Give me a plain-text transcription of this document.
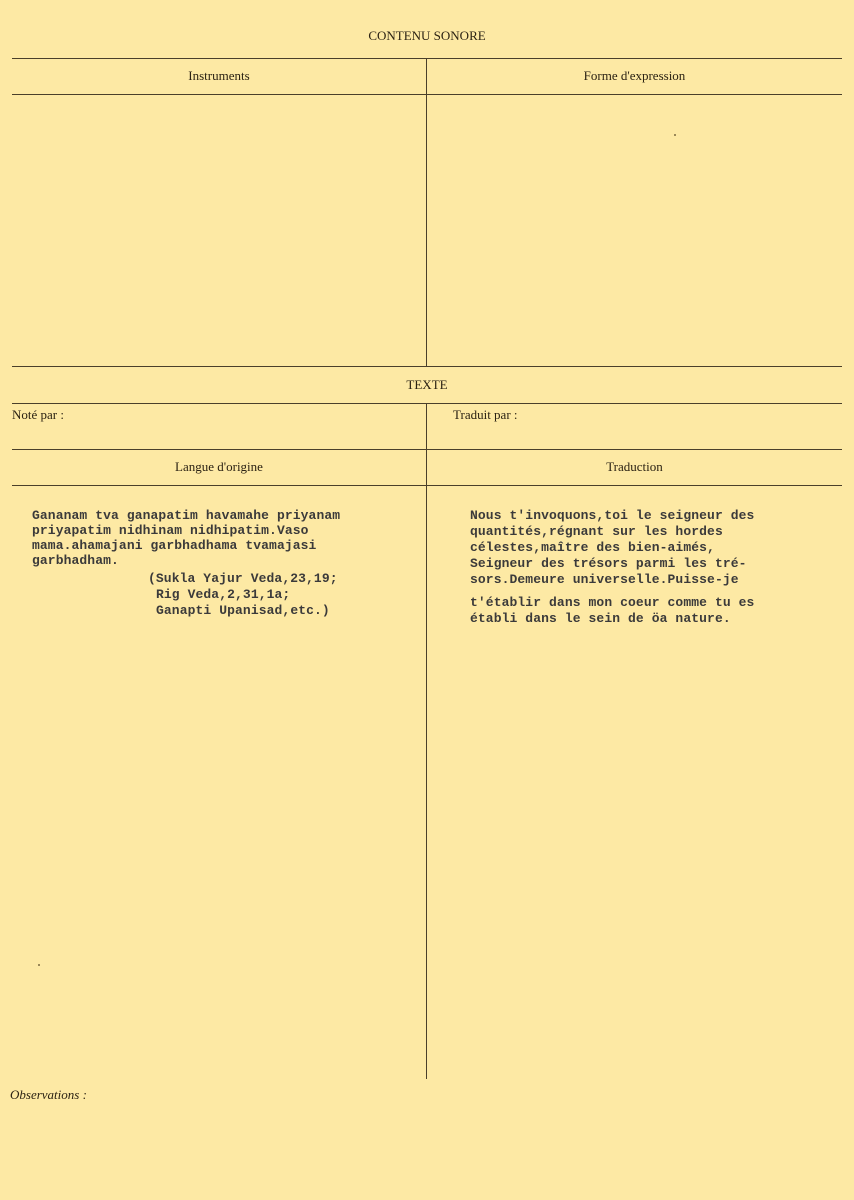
CONTENU SONORE
Instruments	Forme d'expression
TEXTE
Noté par :	Traduit par :
Langue d'origine	Traduction
Gananam tva ganapatim havamahe priyanam
priyapatim nidhinam nidhipatim.Vaso
mama.ahamajani garbhadhama tvamajasi
garbhadham.
(Sukla Yajur Veda,23,19;
Rig Veda,2,31,1a;
Ganapti Upanisad,etc.)
Nous t'invoquons,toi le seigneur des
quantités,régnant sur les hordes
célestes,maître des bien-aimés,
Seigneur des trésors parmi les tré-
sors.Demeure universelle.Puisse-je
t'établir dans mon coeur comme tu es
établi dans le sein de öa nature.
Observations :
